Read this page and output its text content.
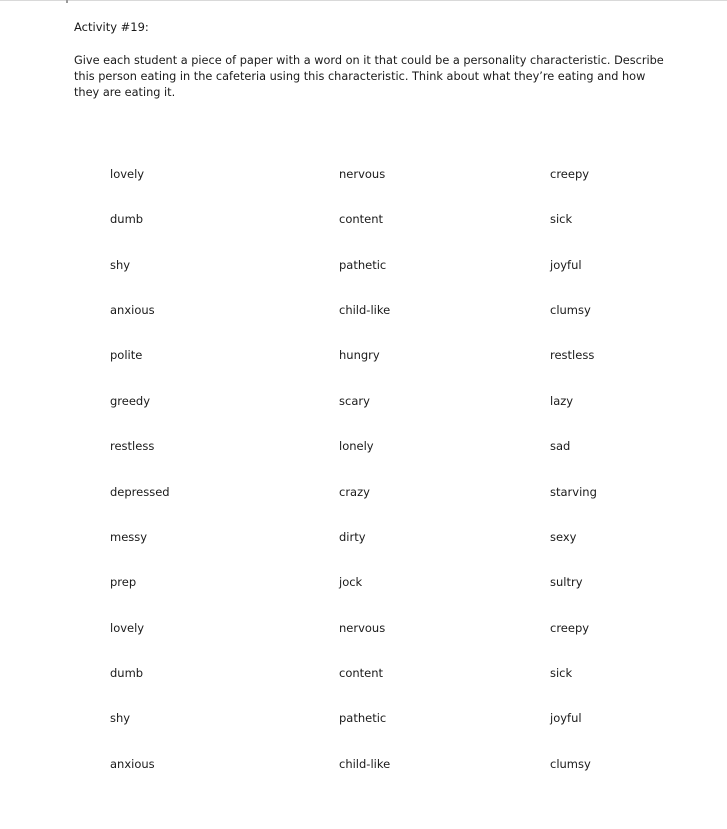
Activity #19:
Give each student a piece of paper with a word on it that could be a personality characteristic. Describe this person eating in the cafeteria using this characteristic. Think about what they’re eating and how they are eating it.
lovely	nervous	creepy
dumb	content	sick
shy	pathetic	joyful
anxious	child-like	clumsy
polite	hungry	restless
greedy	scary	lazy
restless	lonely	sad
depressed	crazy	starving
messy	dirty	sexy
prep	jock	sultry
lovely	nervous	creepy
dumb	content	sick
shy	pathetic	joyful
anxious	child-like	clumsy
